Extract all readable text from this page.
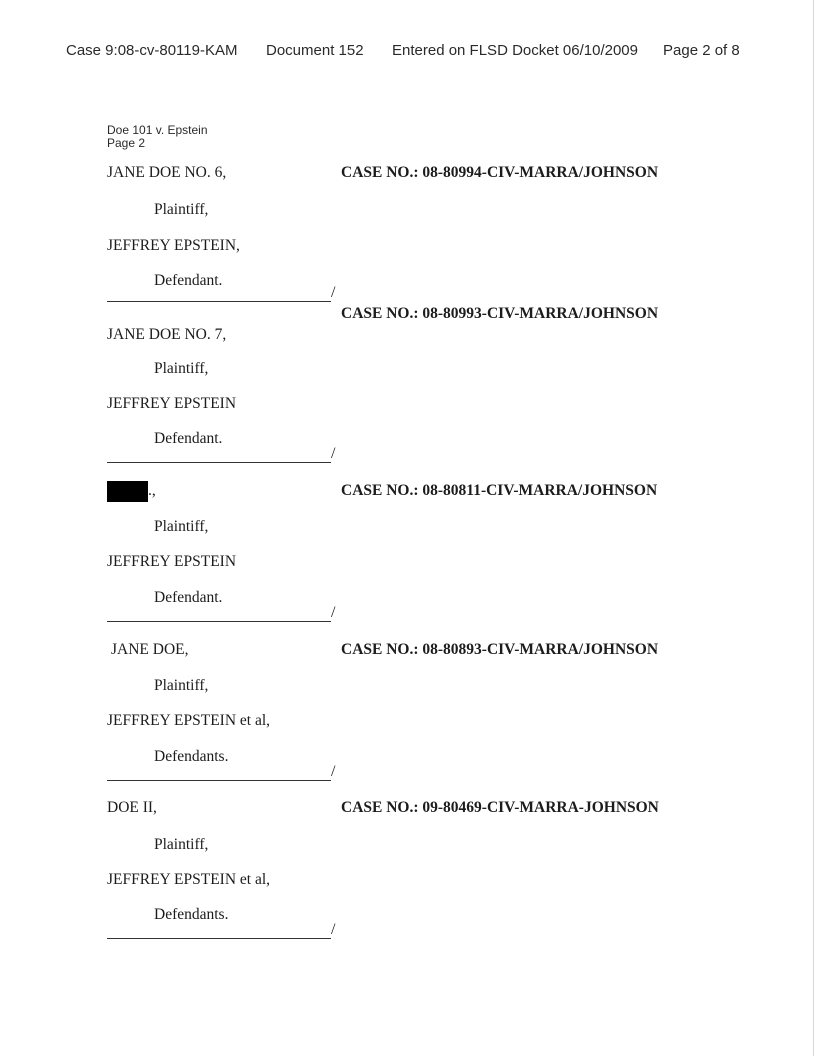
Case 9:08-cv-80119-KAM Document 152 Entered on FLSD Docket 06/10/2009 Page 2 of 8
Doe 101 v. Epstein
Page 2
JANE DOE NO. 6,	CASE NO.: 08-80994-CIV-MARRA/JOHNSON
Plaintiff,
JEFFREY EPSTEIN,
Defendant.
/
CASE NO.: 08-80993-CIV-MARRA/JOHNSON
JANE DOE NO. 7,
Plaintiff,
JEFFREY EPSTEIN
Defendant.
/
.,	CASE NO.: 08-80811-CIV-MARRA/JOHNSON
Plaintiff,
JEFFREY EPSTEIN
Defendant.
/
JANE DOE,	CASE NO.: 08-80893-CIV-MARRA/JOHNSON
Plaintiff,
JEFFREY EPSTEIN et al,
Defendants.
/
DOE II,	CASE NO.: 09-80469-CIV-MARRA-JOHNSON
Plaintiff,
JEFFREY EPSTEIN et al,
Defendants.
/
